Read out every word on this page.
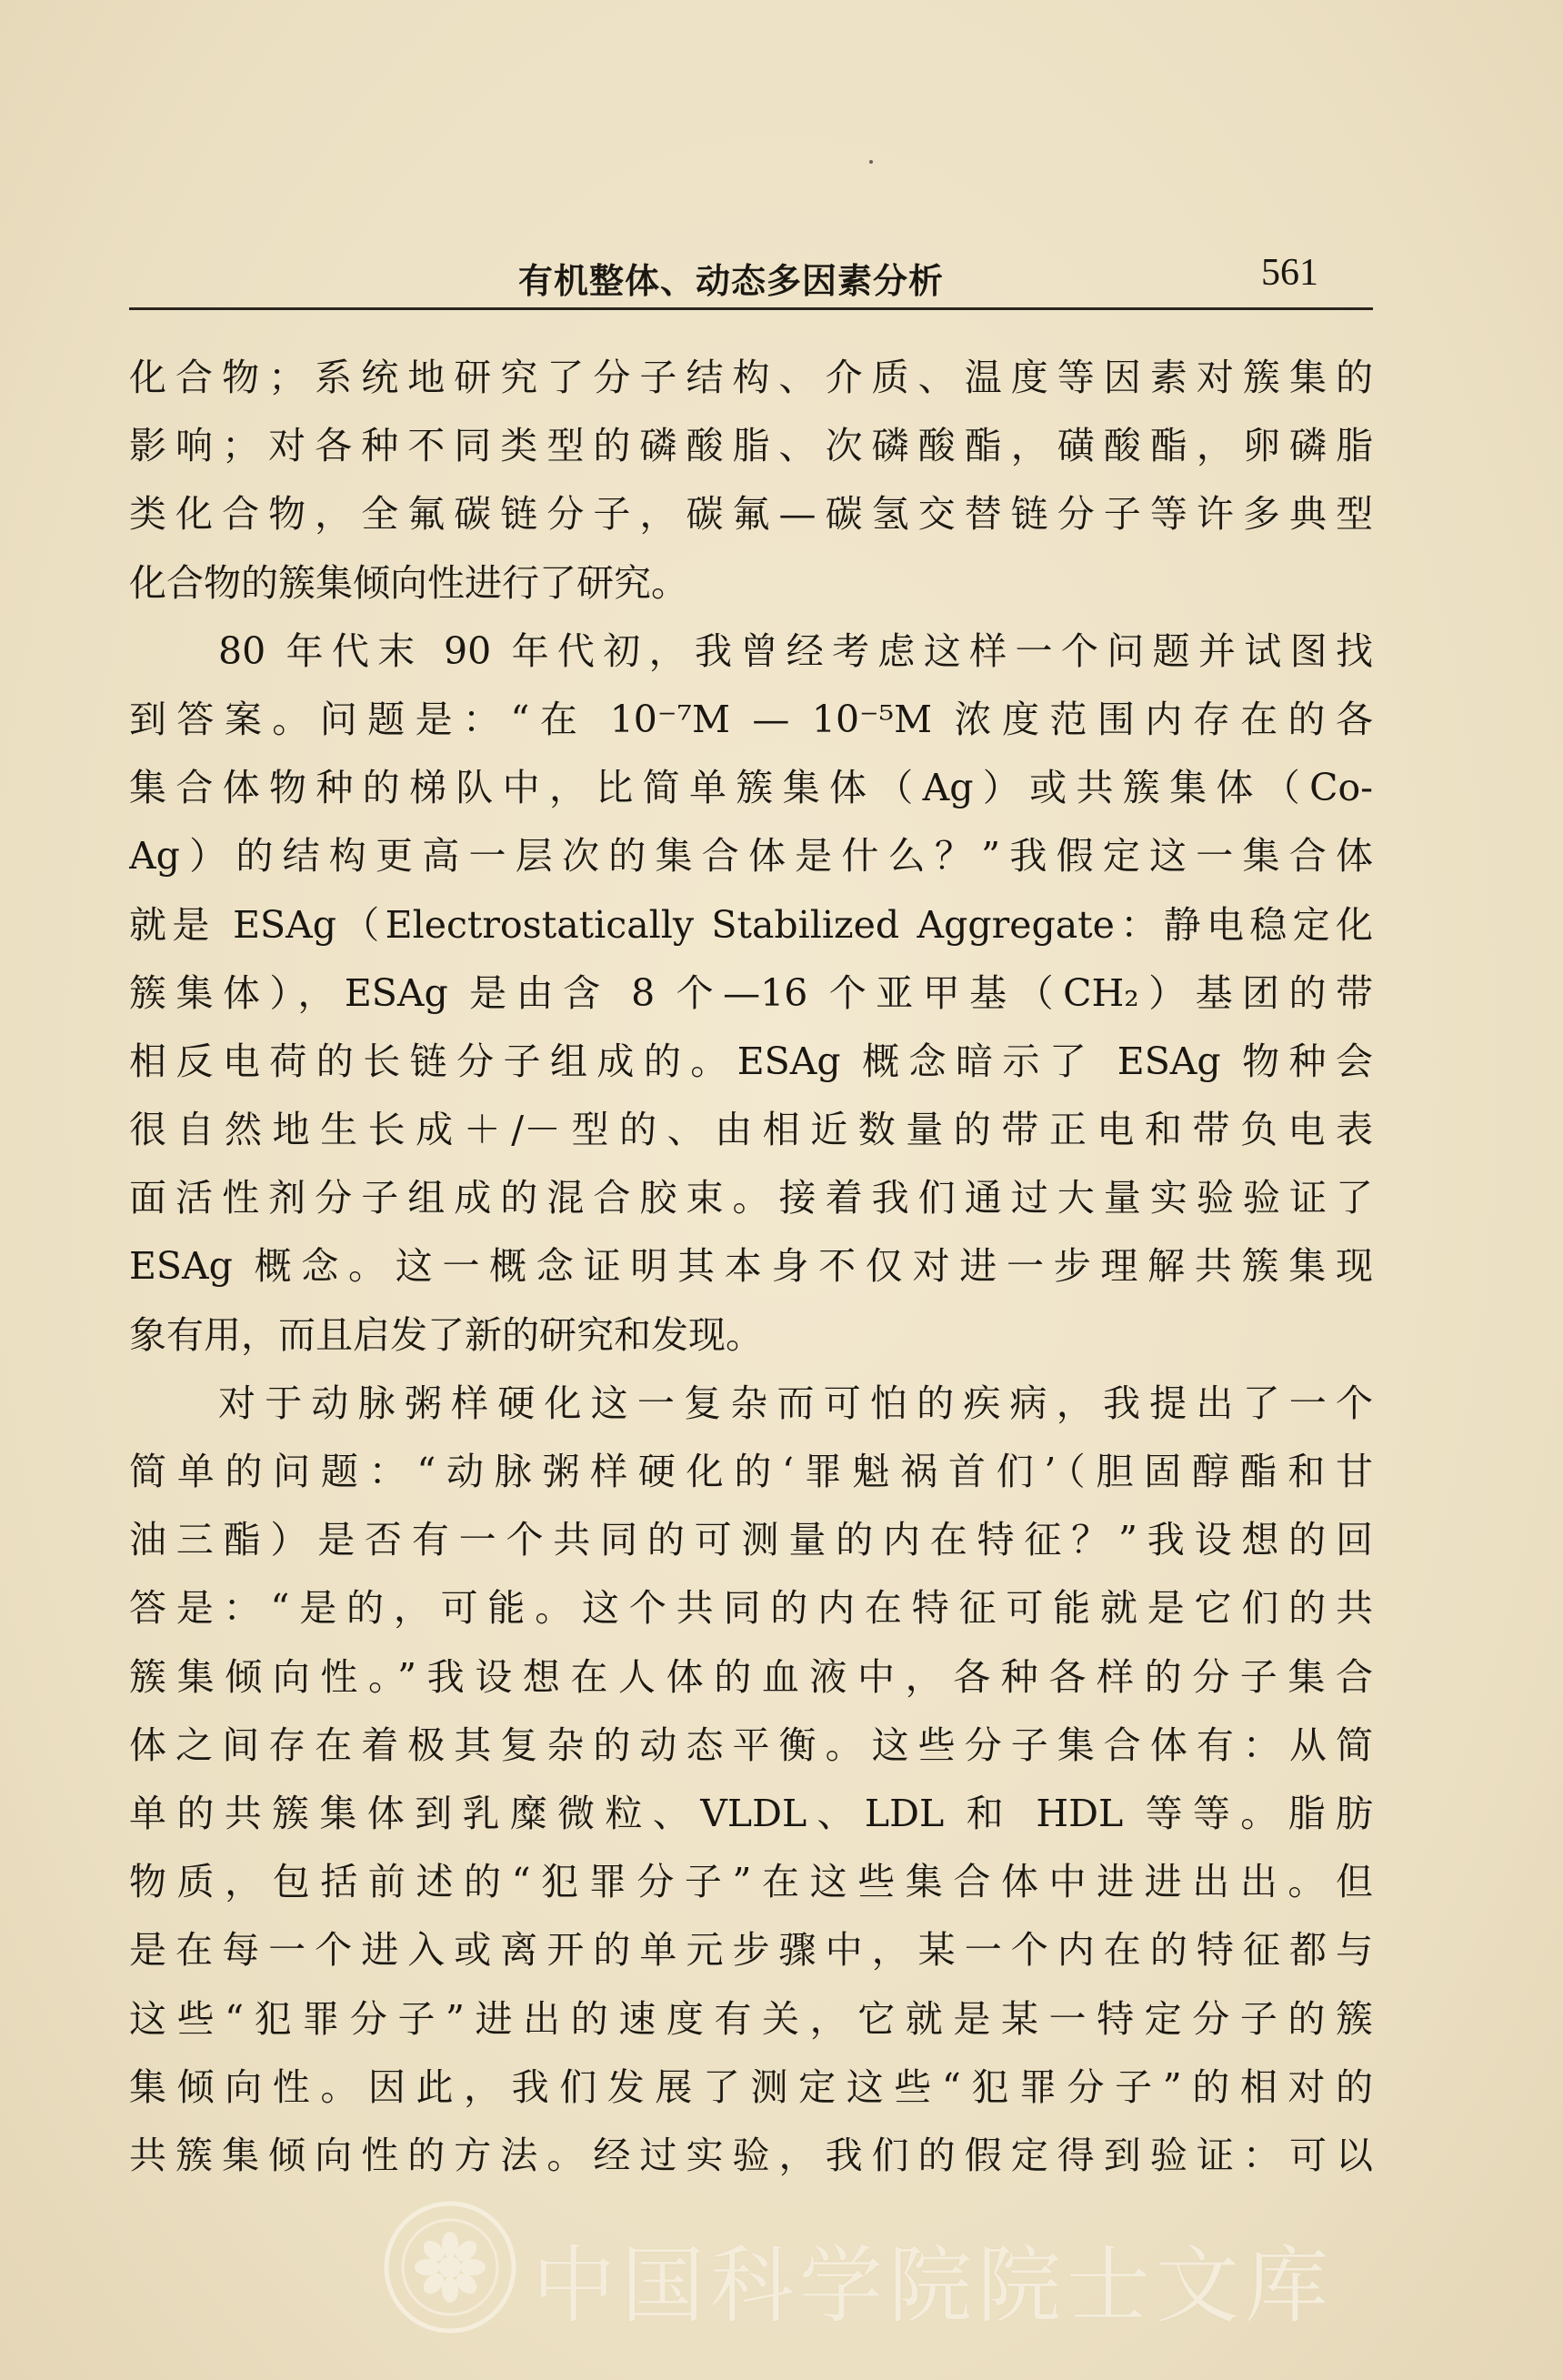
有机整体、动态多因素分析	561
化合物；系统地研究了分子结构、介质、温度等因素对簇集的
影响；对各种不同类型的磷酸脂、次磷酸酯，磺酸酯，卵磷脂
类化合物，全氟碳链分子，碳氟—碳氢交替链分子等许多典型
化合物的簇集倾向性进行了研究。
80 年代末 90 年代初，我曾经考虑这样一个问题并试图找
到答案。问题是：“在 10⁻⁷M — 10⁻⁵M 浓度范围内存在的各
集合体物种的梯队中，比简单簇集体（Ag）或共簇集体（Co-
Ag）的结构更高一层次的集合体是什么？”我假定这一集合体
就是 ESAg（Electrostatically Stabilized Aggregate：静电稳定化
簇集体），ESAg 是由含 8 个—16 个亚甲基（CH₂）基团的带
相反电荷的长链分子组成的。ESAg 概念暗示了 ESAg 物种会
很自然地生长成＋/－型的、由相近数量的带正电和带负电表
面活性剂分子组成的混合胶束。接着我们通过大量实验验证了
ESAg 概念。这一概念证明其本身不仅对进一步理解共簇集现
象有用，而且启发了新的研究和发现。
对于动脉粥样硬化这一复杂而可怕的疾病，我提出了一个
简单的问题：“动脉粥样硬化的‘罪魁祸首们’（胆固醇酯和甘
油三酯）是否有一个共同的可测量的内在特征？”我设想的回
答是：“是的，可能。这个共同的内在特征可能就是它们的共
簇集倾向性。”我设想在人体的血液中，各种各样的分子集合
体之间存在着极其复杂的动态平衡。这些分子集合体有：从简
单的共簇集体到乳糜微粒、VLDL、LDL 和 HDL 等等。脂肪
物质，包括前述的“犯罪分子”在这些集合体中进进出出。但
是在每一个进入或离开的单元步骤中，某一个内在的特征都与
这些“犯罪分子”进出的速度有关，它就是某一特定分子的簇
集倾向性。因此，我们发展了测定这些“犯罪分子”的相对的
共簇集倾向性的方法。经过实验，我们的假定得到验证：可以
中国科学院院士文库
